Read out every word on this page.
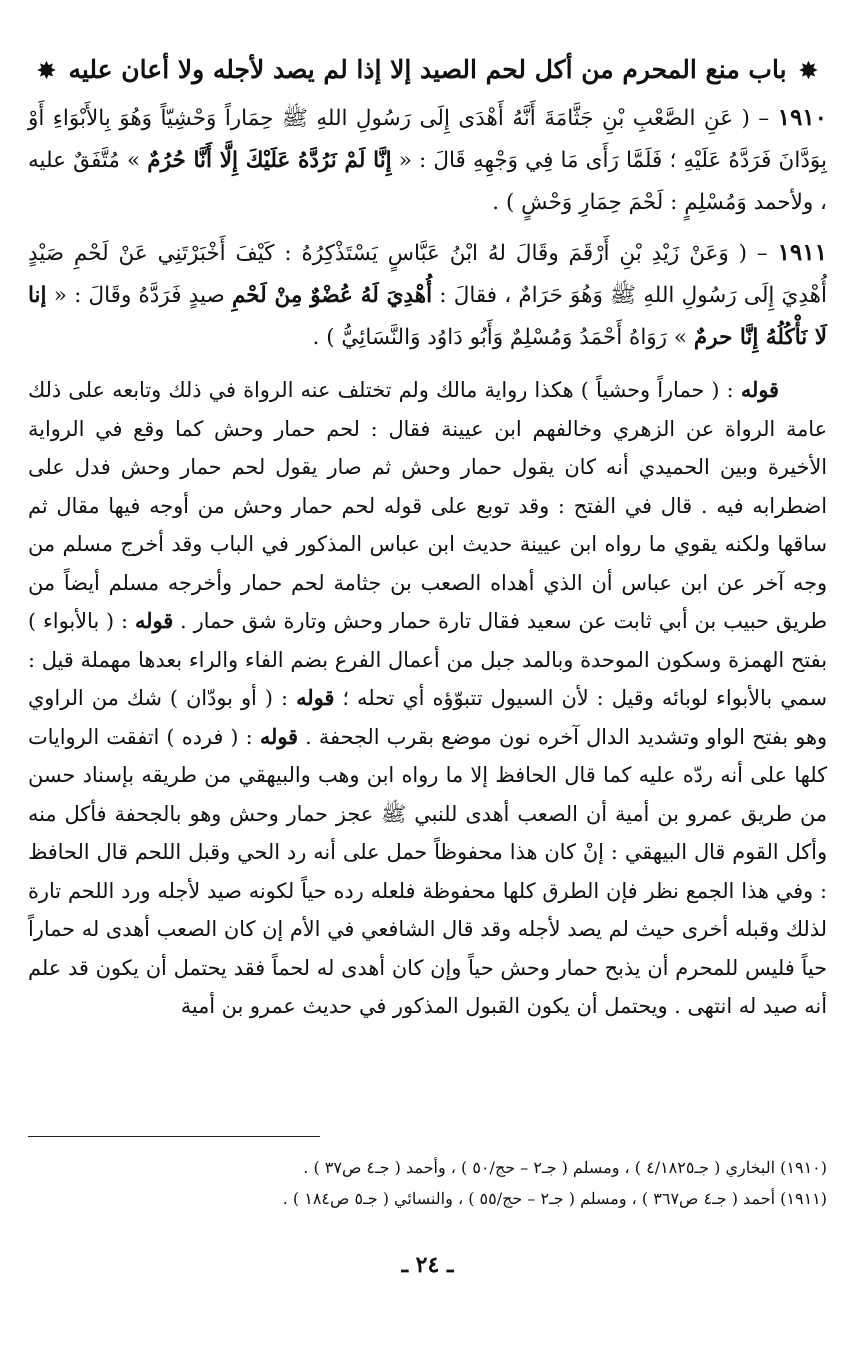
✸ باب منع المحرم من أكل لحم الصيد إلا إذا لم يصد لأجله ولا أعان عليه ✸

١٩١٠ – ( عَنِ الصَّعْبِ بْنِ جَثَّامَةَ أَنَّهُ أَهْدَى إِلَى رَسُولِ اللهِ ﷺ حِمَاراً وَحْشِيّاً وَهُوَ بِالأَبْوَاءِ أَوْ بِوَدَّانَ فَرَدَّهُ عَلَيْهِ ؛ فَلَمَّا رَأَى مَا فِي وَجْهِهِ قَالَ : « إِنَّا لَمْ نَرُدَّهُ عَلَيْكَ إِلَّا أَنَّا حُرُمٌ » مُتَّفَقٌ عليه ، ولأحمد وَمُسْلِمٍ : لَحْمَ حِمَارِ وَحْشٍ ) .

١٩١١ – ( وَعَنْ زَيْدِ بْنِ أَرْقَمَ وقَالَ لهُ ابْنُ عَبَّاسٍ يَسْتَذْكِرُهُ : كَيْفَ أَخْبَرْتَنِي عَنْ لَحْمِ صَيْدٍ أُهْدِيَ إِلَى رَسُولِ اللهِ ﷺ وَهُوَ حَرَامٌ ، فقالَ : أُهْدِيَ لَهُ عُضْوٌ مِنْ لَحْمِ صيدٍ فَرَدَّهُ وقَالَ : « إنا لَا نَأْكُلُهُ إِنَّا حرمٌ » رَوَاهُ أَحْمَدُ وَمُسْلِمٌ وَأَبُو دَاوُد وَالنَّسَائِيُّ ) .

قوله : ( حماراً وحشياً ) هكذا رواية مالك ولم تختلف عنه الرواة في ذلك وتابعه على ذلك عامة الرواة عن الزهري وخالفهم ابن عيينة فقال : لحم حمار وحش كما وقع في الرواية الأخيرة وبين الحميدي أنه كان يقول حمار وحش ثم صار يقول لحم حمار وحش فدل على اضطرابه فيه . قال في الفتح : وقد توبع على قوله لحم حمار وحش من أوجه فيها مقال ثم ساقها ولكنه يقوي ما رواه ابن عيينة حديث ابن عباس المذكور في الباب وقد أخرج مسلم من وجه آخر عن ابن عباس أن الذي أهداه الصعب بن جثامة لحم حمار وأخرجه مسلم أيضاً من طريق حبيب بن أبي ثابت عن سعيد فقال تارة حمار وحش وتارة شق حمار . قوله : ( بالأبواء ) بفتح الهمزة وسكون الموحدة وبالمد جبل من أعمال الفرع بضم الفاء والراء بعدها مهملة قيل : سمي بالأبواء لوبائه وقيل : لأن السيول تتبوّؤه أي تحله ؛ قوله : ( أو بودّان ) شك من الراوي وهو بفتح الواو وتشديد الدال آخره نون موضع بقرب الجحفة . قوله : ( فرده ) اتفقت الروايات كلها على أنه ردّه عليه كما قال الحافظ إلا ما رواه ابن وهب والبيهقي من طريقه بإسناد حسن من طريق عمرو بن أمية أن الصعب أهدى للنبي ﷺ عجز حمار وحش وهو بالجحفة فأكل منه وأكل القوم قال البيهقي : إنْ كان هذا محفوظاً حمل على أنه رد الحي وقبل اللحم قال الحافظ : وفي هذا الجمع نظر فإن الطرق كلها محفوظة فلعله رده حياً لكونه صيد لأجله ورد اللحم تارة لذلك وقبله أخرى حيث لم يصد لأجله وقد قال الشافعي في الأم إن كان الصعب أهدى له حماراً حياً فليس للمحرم أن يذبح حمار وحش حياً وإن كان أهدى له لحماً فقد يحتمل أن يكون قد علم أنه صيد له انتهى . ويحتمل أن يكون القبول المذكور في حديث عمرو بن أمية

(١٩١٠) البخاري ( جـ٤/١٨٢٥ ) ، ومسلم ( جـ٢ – حج/٥٠ ) ، وأحمد ( جـ٤ ص٣٧ ) .

(١٩١١) أحمد ( جـ٤ ص٣٦٧ ) ، ومسلم ( جـ٢ – حج/٥٥ ) ، والنسائي ( جـ٥ ص١٨٤ ) .

ـ ٢٤ ـ
